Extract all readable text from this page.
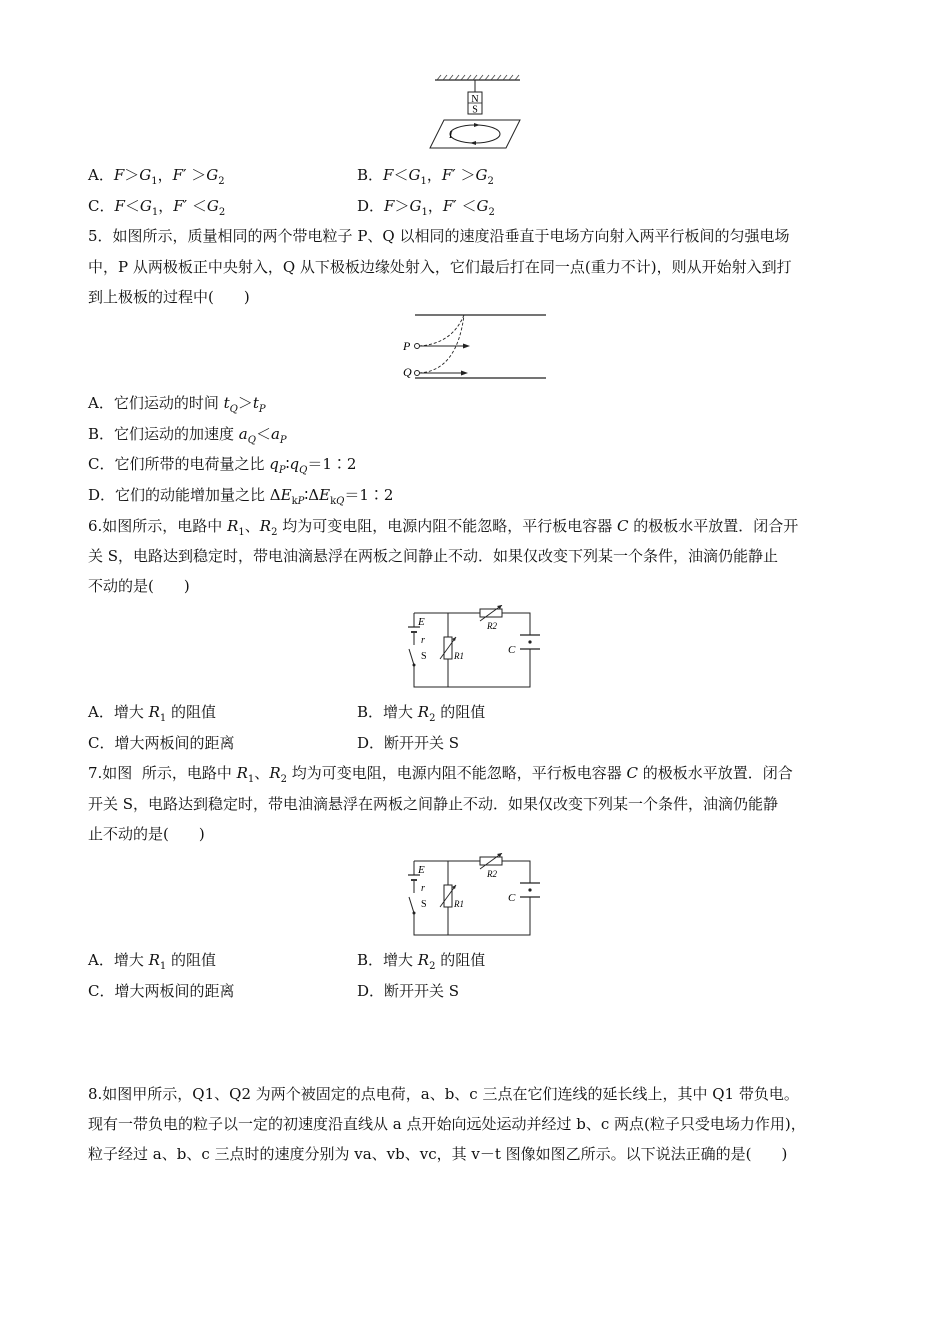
N
S
I
A．$F>G_1$，$F' >G_2$	B．$F<G_1$，$F' >G_2$
C．$F<G_1$，$F' <G_2$	D．$F>G_1$，$F' <G_2$
5．如图所示，质量相同的两个带电粒子 P、Q 以相同的速度沿垂直于电场方向射入两平行板间的匀强电场
中，P 从两极板正中央射入，Q 从下极板边缘处射入，它们最后打在同一点(重力不计)，则从开始射入到打
到上极板的过程中(　　)
P
Q
A．它们运动的时间 $t_Q>t_P$
B．它们运动的加速度 $a_Q<a_P$
C．它们所带的电荷量之比 $q_P∶q_Q=1∶2$
D．它们的动能增加量之比 $\Delta E_{kP}∶\Delta E_{kQ}=1∶2$
6.如图所示，电路中 $R_1$、$R_2$ 均为可变电阻，电源内阻不能忽略，平行板电容器 C 的极板水平放置．闭合开
关 S，电路达到稳定时，带电油滴悬浮在两板之间静止不动．如果仅改变下列某一个条件，油滴仍能静止
不动的是(　　)
E
r
S	R1
R2
C
A．增大 $R_1$ 的阻值	B．增大 $R_2$ 的阻值
C．增大两板间的距离	D．断开开关 S
7.如图  所示，电路中 $R_1$、$R_2$ 均为可变电阻，电源内阻不能忽略，平行板电容器 C 的极板水平放置．闭合
开关 S，电路达到稳定时，带电油滴悬浮在两板之间静止不动．如果仅改变下列某一个条件，油滴仍能静
止不动的是(　　)
E
r
S	R1
R2
C
A．增大 $R_1$ 的阻值	B．增大 $R_2$ 的阻值
C．增大两板间的距离	D．断开开关 S
8.如图甲所示，Q1、Q2 为两个被固定的点电荷，a、b、c 三点在它们连线的延长线上，其中 Q1 带负电。
现有一带负电的粒子以一定的初速度沿直线从 a 点开始向远处运动并经过 b、c 两点(粒子只受电场力作用)，
粒子经过 a、b、c 三点时的速度分别为 va、vb、vc，其 v－t 图像如图乙所示。以下说法正确的是(　　)
